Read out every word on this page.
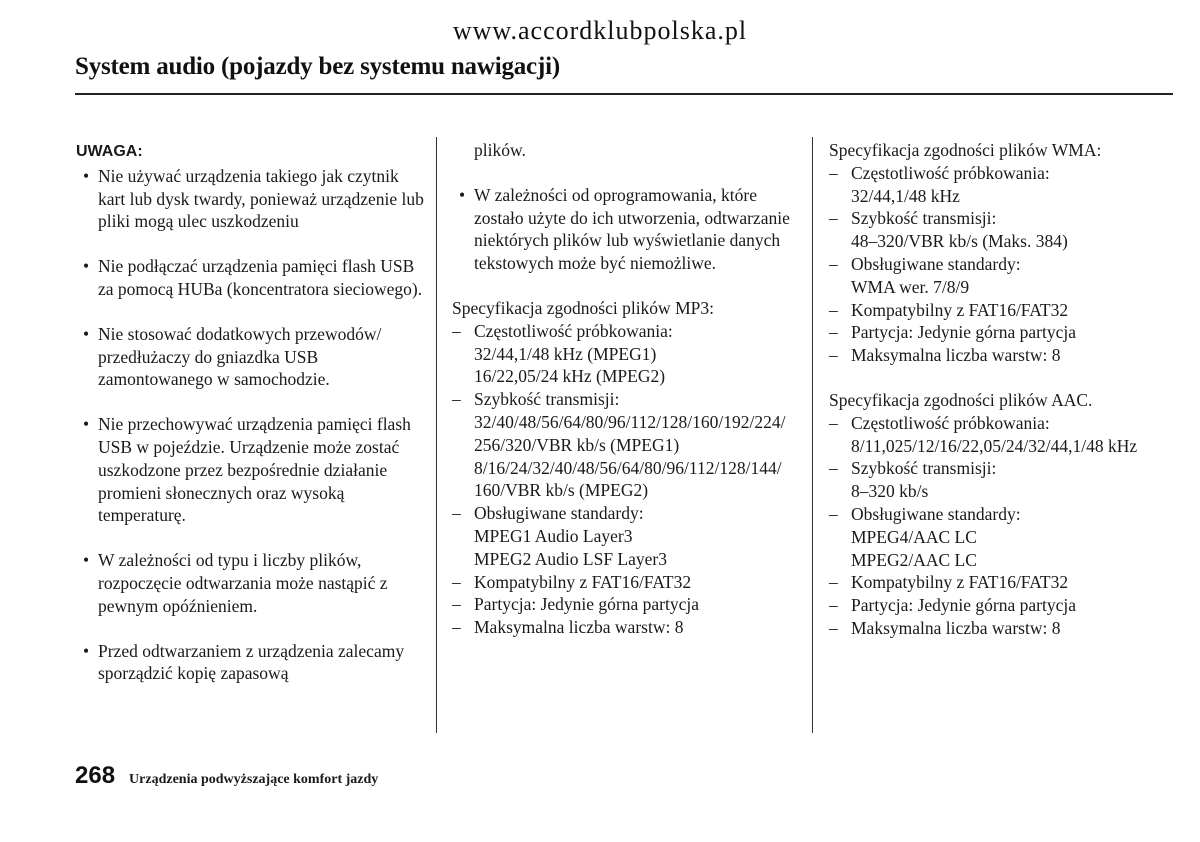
www.accordklubpolska.pl
System audio (pojazdy bez systemu nawigacji)
UWAGA:
• Nie używać urządzenia takiego jak czytnik kart lub dysk twardy, ponieważ urządzenie lub pliki mogą ulec uszkodzeniu
• Nie podłączać urządzenia pamięci flash USB za pomocą HUBa (koncentratora sieciowego).
• Nie stosować dodatkowych przewodów/ przedłużaczy do gniazdka USB zamontowanego w samochodzie.
• Nie przechowywać urządzenia pamięci flash USB w pojeździe. Urządzenie może zostać uszkodzone przez bezpośrednie działanie promieni słonecznych oraz wysoką temperaturę.
• W zależności od typu i liczby plików, rozpoczęcie odtwarzania może nastąpić z pewnym opóźnieniem.
• Przed odtwarzaniem z urządzenia zalecamy sporządzić kopię zapasową
plików.
• W zależności od oprogramowania, które zostało użyte do ich utworzenia, odtwarzanie niektórych plików lub wyświetlanie danych tekstowych może być niemożliwe.
Specyfikacja zgodności plików MP3:
– Częstotliwość próbkowania:
32/44,1/48 kHz (MPEG1)
16/22,05/24 kHz (MPEG2)
– Szybkość transmisji:
32/40/48/56/64/80/96/112/128/160/192/224/
256/320/VBR kb/s (MPEG1)
8/16/24/32/40/48/56/64/80/96/112/128/144/
160/VBR kb/s (MPEG2)
– Obsługiwane standardy:
MPEG1 Audio Layer3
MPEG2 Audio LSF Layer3
– Kompatybilny z FAT16/FAT32
– Partycja: Jedynie górna partycja
– Maksymalna liczba warstw: 8
Specyfikacja zgodności plików WMA:
– Częstotliwość próbkowania:
32/44,1/48 kHz
– Szybkość transmisji:
48–320/VBR kb/s (Maks. 384)
– Obsługiwane standardy:
WMA wer. 7/8/9
– Kompatybilny z FAT16/FAT32
– Partycja: Jedynie górna partycja
– Maksymalna liczba warstw: 8
Specyfikacja zgodności plików AAC.
– Częstotliwość próbkowania:
8/11,025/12/16/22,05/24/32/44,1/48 kHz
– Szybkość transmisji:
8–320 kb/s
– Obsługiwane standardy:
MPEG4/AAC LC
MPEG2/AAC LC
– Kompatybilny z FAT16/FAT32
– Partycja: Jedynie górna partycja
– Maksymalna liczba warstw: 8
268 Urządzenia podwyższające komfort jazdy
